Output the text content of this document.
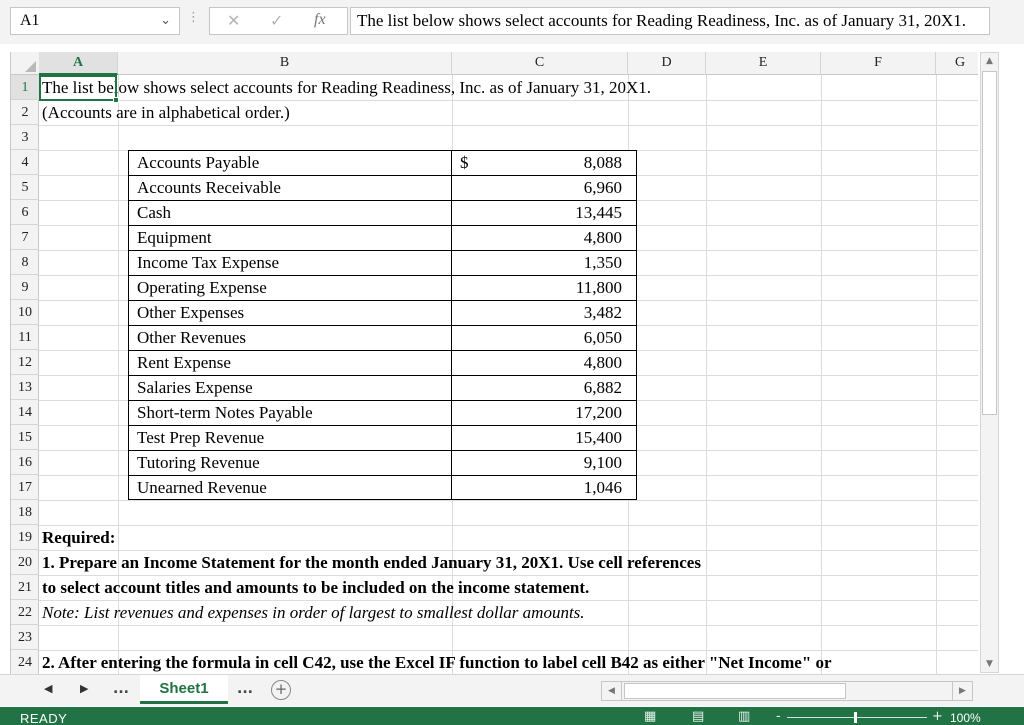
A1	⌄ ⋮ ✕ ✓ fx	The list below shows select accounts for Reading Readiness, Inc. as of January 31, 20X1.
A	B	C	D	E	F	G
1
2
3
4
5
6
7
8
9
10
11
12
13
14
15
16
17
18
19
20
21
22
23
24
The list below shows select accounts for Reading Readiness, Inc. as of January 31, 20X1.
(Accounts are in alphabetical order.)
Required:
1. Prepare an Income Statement for the month ended January 31, 20X1. Use cell references
to select account titles and amounts to be included on the income statement.
Note: List revenues and expenses in order of largest to smallest dollar amounts.
2. After entering the formula in cell C42, use the Excel IF function to label cell B42 as either "Net Income" or
Accounts Payable	$	8,088
Accounts Receivable	6,960
Cash	13,445
Equipment	4,800
Income Tax Expense	1,350
Operating Expense	11,800
Other Expenses	3,482
Other Revenues	6,050
Rent Expense	4,800
Salaries Expense	6,882
Short-term Notes Payable	17,200
Test Prep Revenue	15,400
Tutoring Revenue	9,100
Unearned Revenue	1,046
▲
▼
◀	▶ ...	Sheet1	... +	◀	▶
READY	▦	▤	▥ -	+ 100%
